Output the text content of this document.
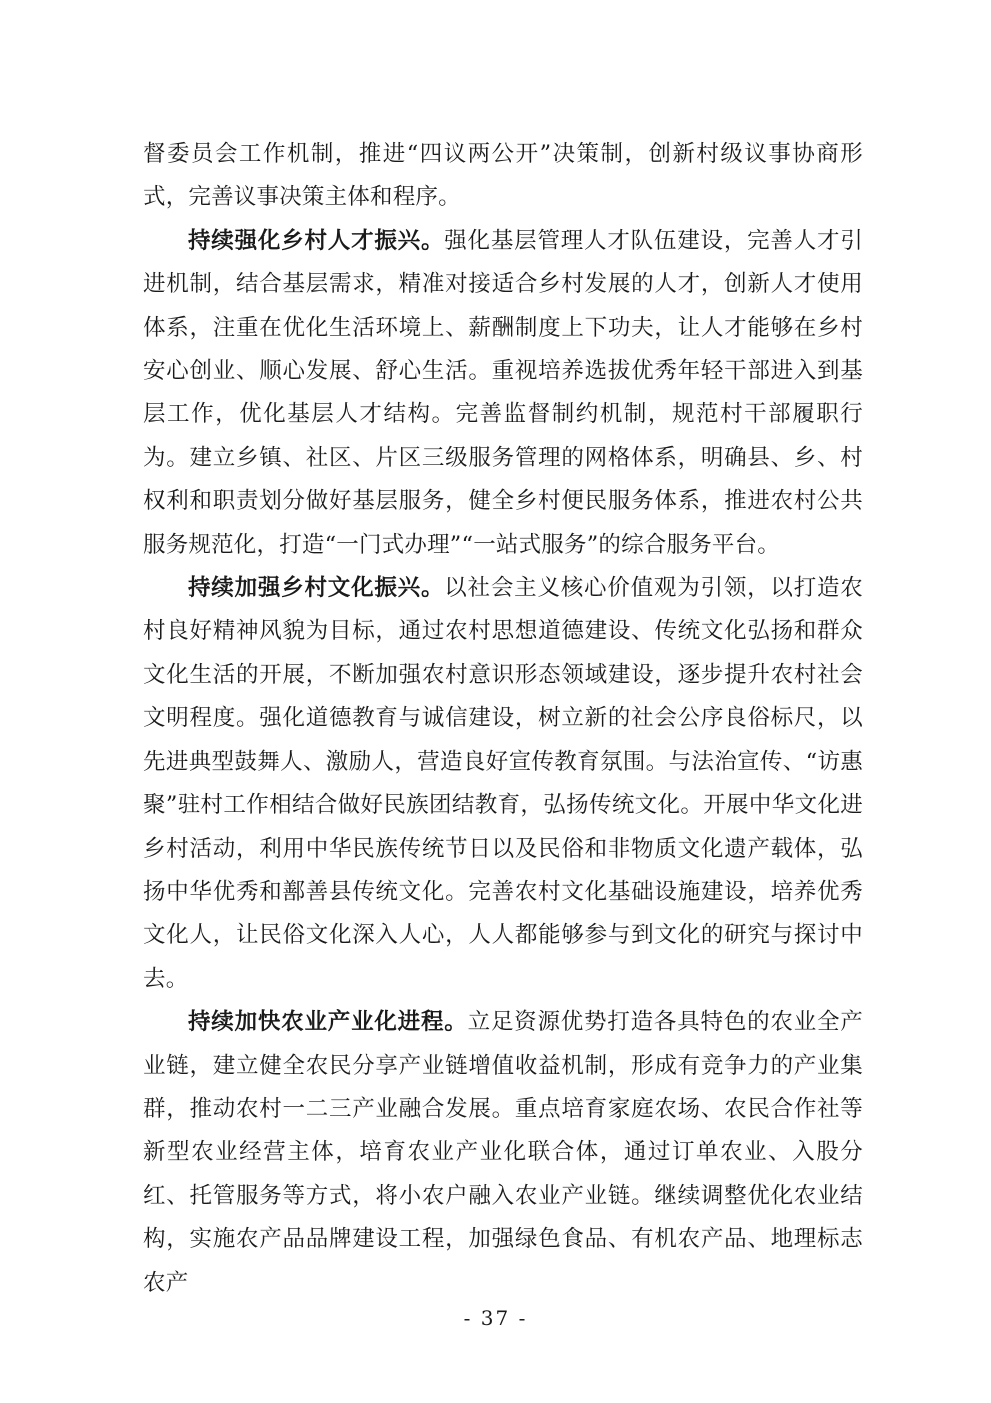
督委员会工作机制，推进“四议两公开”决策制，创新村级议事协商形式，完善议事决策主体和程序。

持续强化乡村人才振兴。强化基层管理人才队伍建设，完善人才引进机制，结合基层需求，精准对接适合乡村发展的人才，创新人才使用体系，注重在优化生活环境上、薪酬制度上下功夫，让人才能够在乡村安心创业、顺心发展、舒心生活。重视培养选拔优秀年轻干部进入到基层工作，优化基层人才结构。完善监督制约机制，规范村干部履职行为。建立乡镇、社区、片区三级服务管理的网格体系，明确县、乡、村权利和职责划分做好基层服务，健全乡村便民服务体系，推进农村公共服务规范化，打造“一门式办理”“一站式服务”的综合服务平台。

持续加强乡村文化振兴。以社会主义核心价值观为引领，以打造农村良好精神风貌为目标，通过农村思想道德建设、传统文化弘扬和群众文化生活的开展，不断加强农村意识形态领域建设，逐步提升农村社会文明程度。强化道德教育与诚信建设，树立新的社会公序良俗标尺，以先进典型鼓舞人、激励人，营造良好宣传教育氛围。与法治宣传、“访惠聚”驻村工作相结合做好民族团结教育，弘扬传统文化。开展中华文化进乡村活动，利用中华民族传统节日以及民俗和非物质文化遗产载体，弘扬中华优秀和鄯善县传统文化。完善农村文化基础设施建设，培养优秀文化人，让民俗文化深入人心，人人都能够参与到文化的研究与探讨中去。

持续加快农业产业化进程。立足资源优势打造各具特色的农业全产业链，建立健全农民分享产业链增值收益机制，形成有竞争力的产业集群，推动农村一二三产业融合发展。重点培育家庭农场、农民合作社等新型农业经营主体，培育农业产业化联合体，通过订单农业、入股分红、托管服务等方式，将小农户融入农业产业链。继续调整优化农业结构，实施农产品品牌建设工程，加强绿色食品、有机农产品、地理标志农产

- 37 -
